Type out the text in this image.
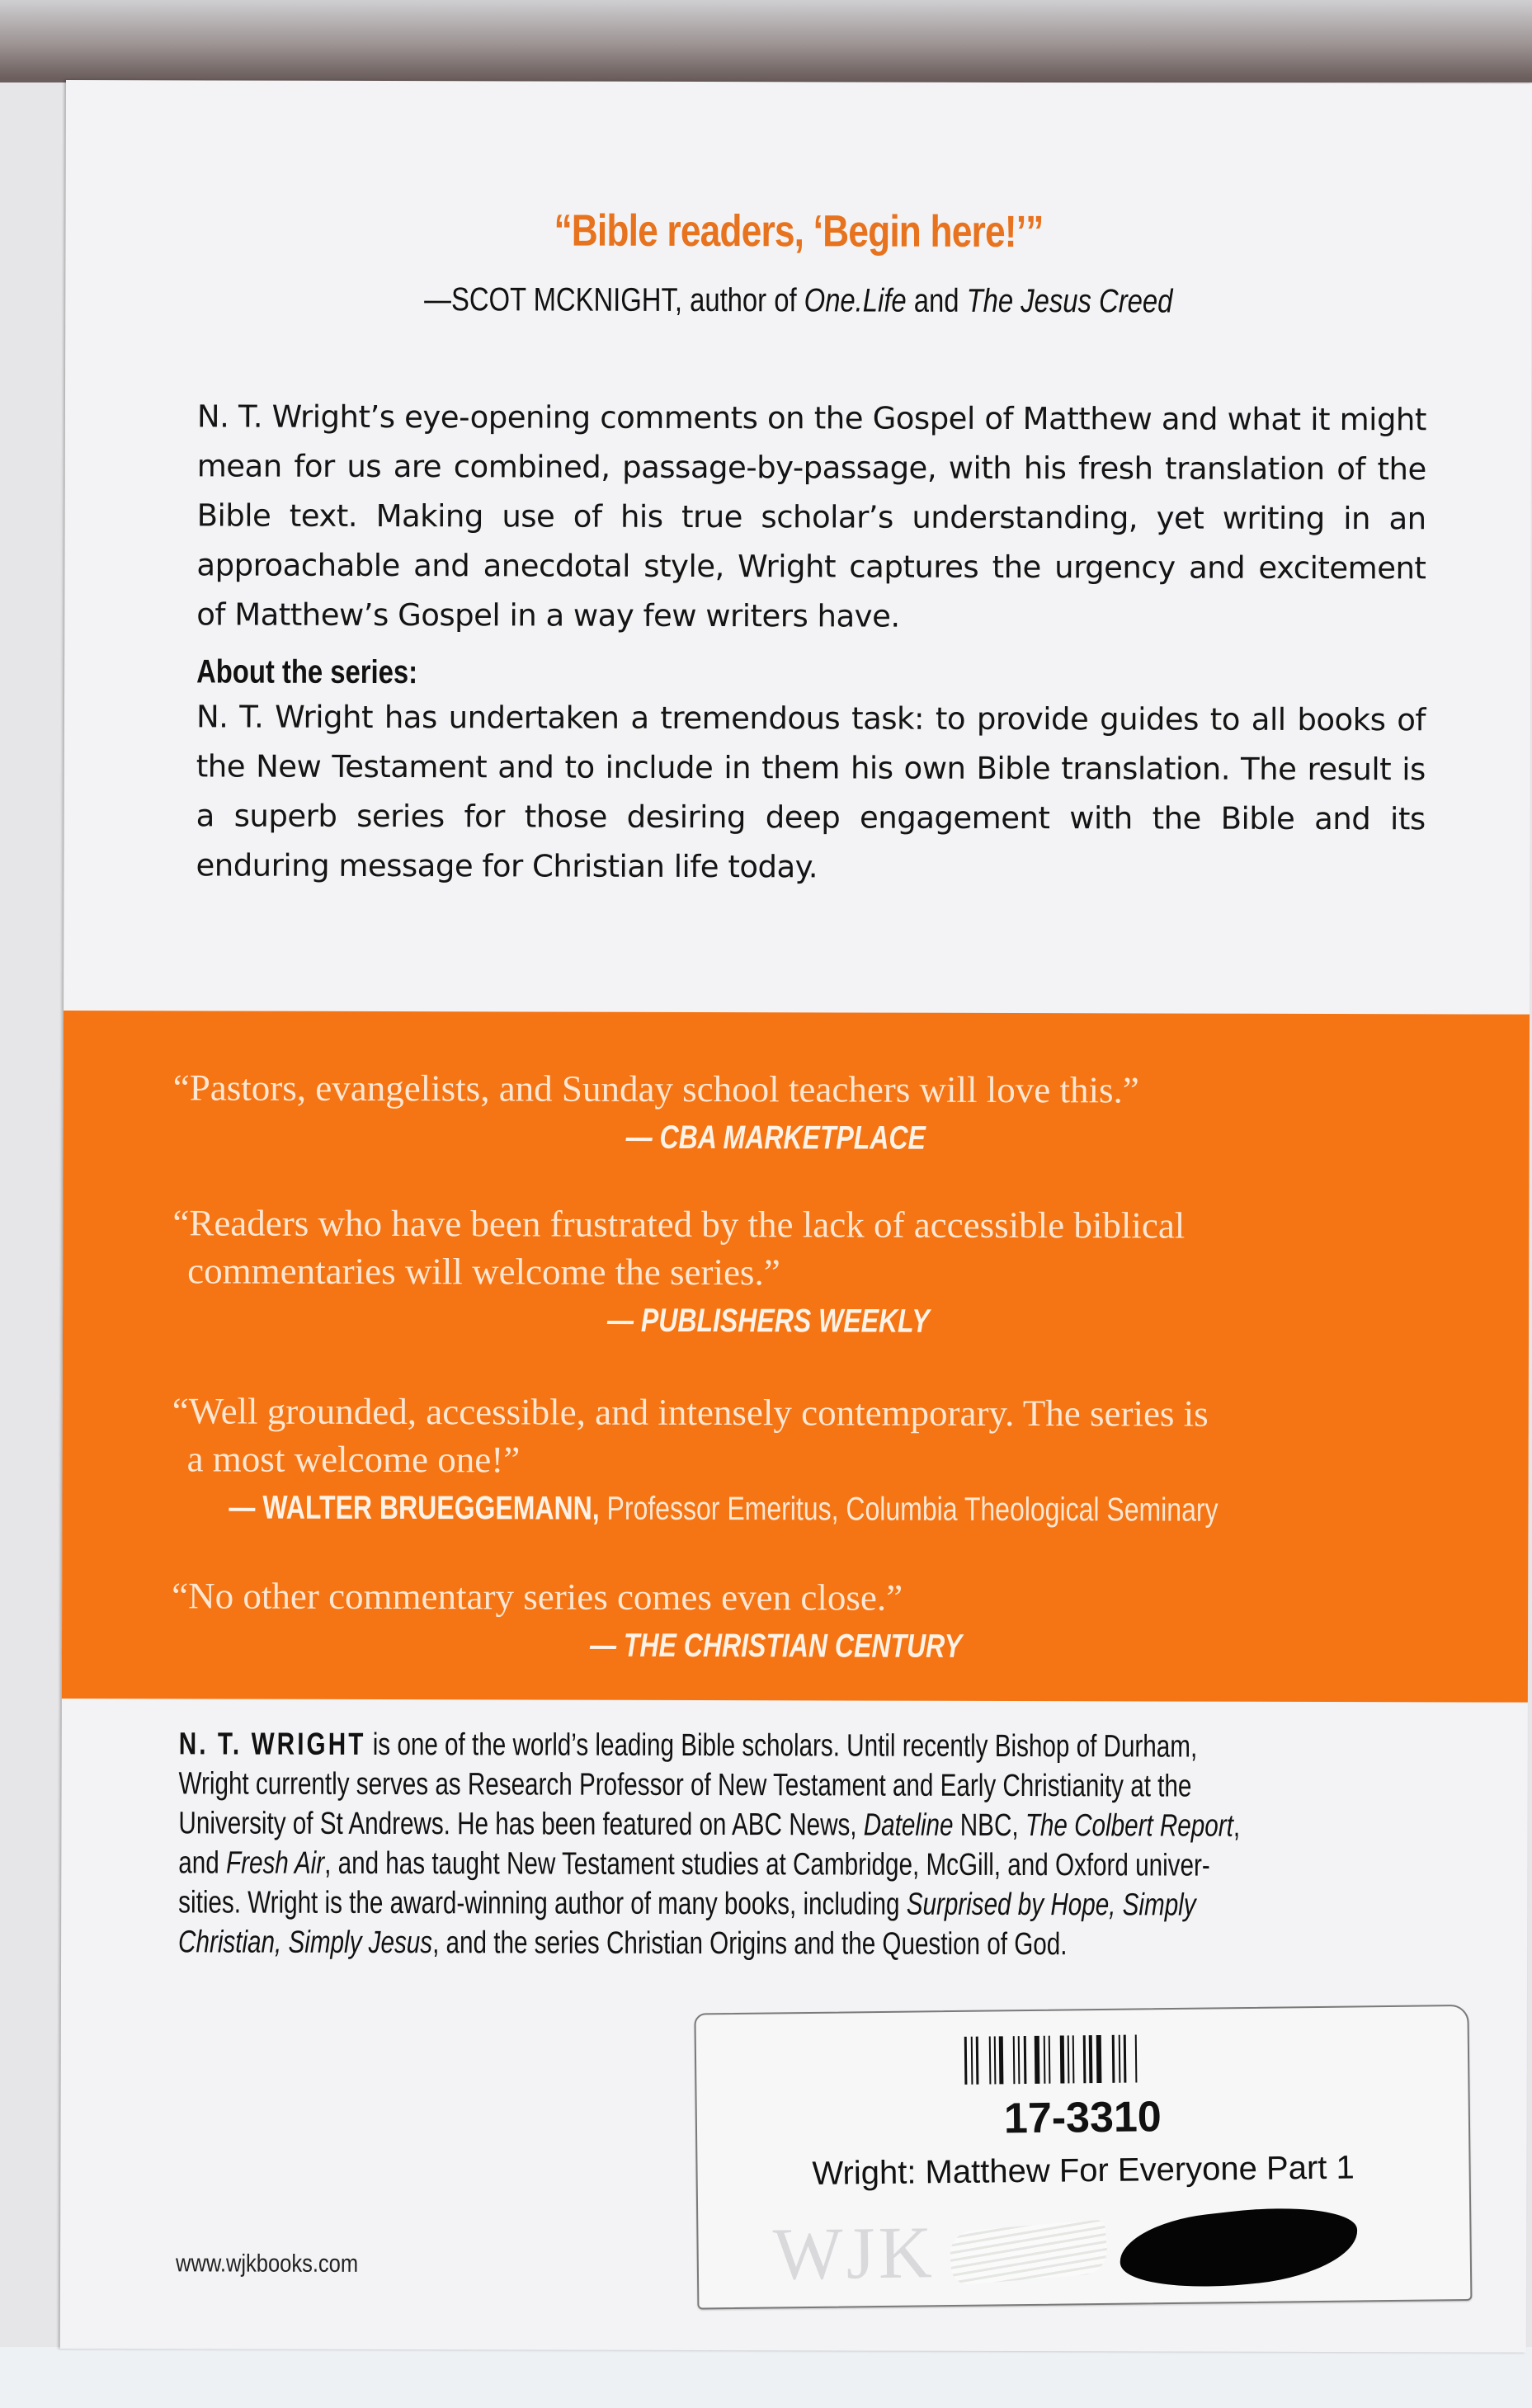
“Bible readers, ‘Begin here!’”
—SCOT MCKNIGHT, author of One.Life and The Jesus Creed
N. T. Wright’s eye-opening comments on the Gospel of Matthew and what it might mean for us are combined, passage-by-passage, with his fresh translation of the Bible text. Making use of his true scholar’s understanding, yet writing in an approachable and anecdotal style, Wright captures the urgency and excitement of Matthew’s Gospel in a way few writers have.
About the series:
N. T. Wright has undertaken a tremendous task: to provide guides to all books of the New Testament and to include in them his own Bible translation. The result is a superb series for those desiring deep engagement with the Bible and its enduring message for Christian life today.
“Pastors, evangelists, and Sunday school teachers will love this.”
— CBA MARKETPLACE
“Readers who have been frustrated by the lack of accessible biblical
commentaries will welcome the series.”
— PUBLISHERS WEEKLY
“Well grounded, accessible, and intensely contemporary. The series is
a most welcome one!”
— WALTER BRUEGGEMANN, Professor Emeritus, Columbia Theological Seminary
“No other commentary series comes even close.”
— THE CHRISTIAN CENTURY
N. T. WRIGHT is one of the world’s leading Bible scholars. Until recently Bishop of Durham,
Wright currently serves as Research Professor of New Testament and Early Christianity at the
University of St Andrews. He has been featured on ABC News, Dateline NBC, The Colbert Report,
and Fresh Air, and has taught New Testament studies at Cambridge, McGill, and Oxford univer-
sities. Wright is the award-winning author of many books, including Surprised by Hope, Simply
Christian, Simply Jesus, and the series Christian Origins and the Question of God.
www.wjkbooks.com	WJK
17-3310
Wright: Matthew For Everyone Part 1
